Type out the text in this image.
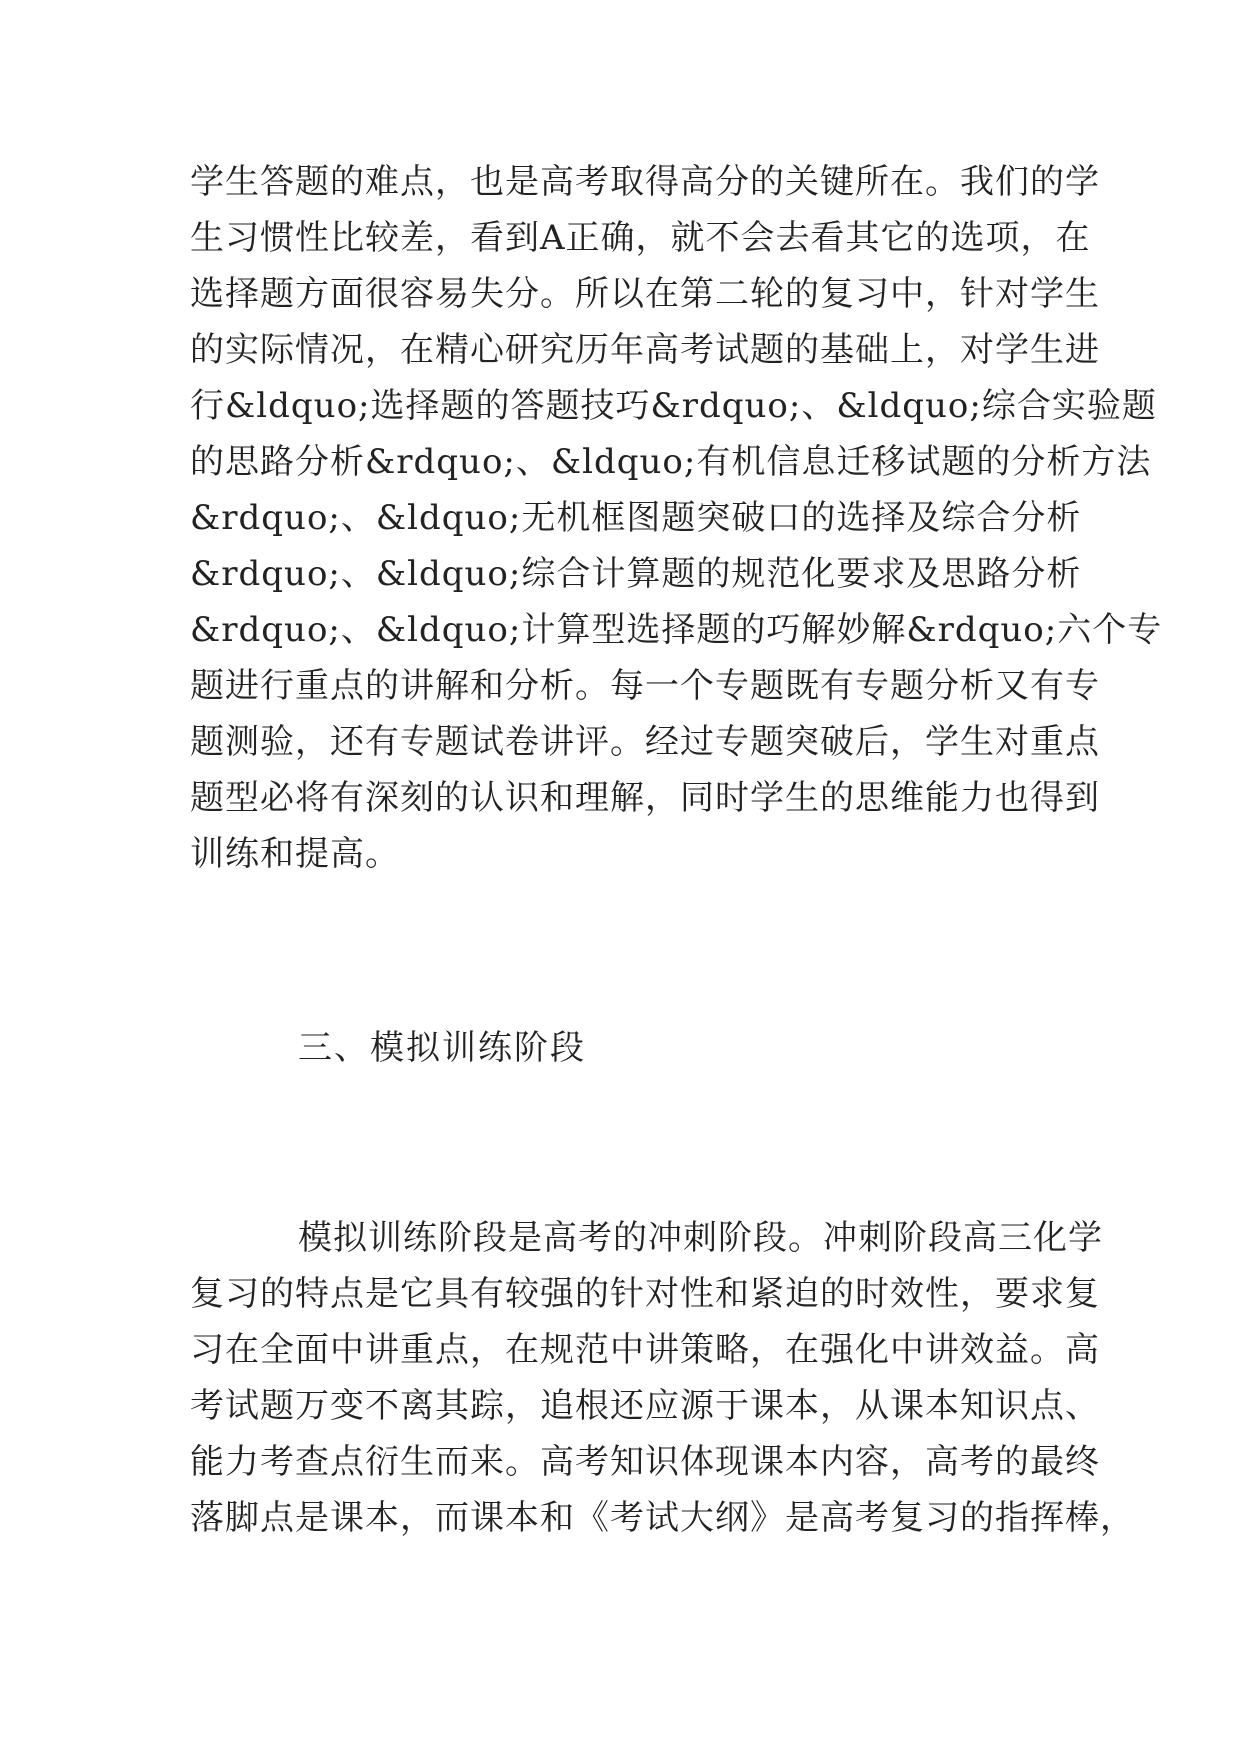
学生答题的难点，也是高考取得高分的关键所在。我们的学
生习惯性比较差，看到A正确，就不会去看其它的选项，在
选择题方面很容易失分。所以在第二轮的复习中，针对学生
的实际情况，在精心研究历年高考试题的基础上，对学生进
行&ldquo;选择题的答题技巧&rdquo;、&ldquo;综合实验题
的思路分析&rdquo;、&ldquo;有机信息迁移试题的分析方法
&rdquo;、&ldquo;无机框图题突破口的选择及综合分析
&rdquo;、&ldquo;综合计算题的规范化要求及思路分析
&rdquo;、&ldquo;计算型选择题的巧解妙解&rdquo;六个专
题进行重点的讲解和分析。每一个专题既有专题分析又有专
题测验，还有专题试卷讲评。经过专题突破后，学生对重点
题型必将有深刻的认识和理解，同时学生的思维能力也得到
训练和提高。
三、模拟训练阶段
模拟训练阶段是高考的冲刺阶段。冲刺阶段高三化学
复习的特点是它具有较强的针对性和紧迫的时效性，要求复
习在全面中讲重点，在规范中讲策略，在强化中讲效益。高
考试题万变不离其踪，追根还应源于课本，从课本知识点、
能力考查点衍生而来。高考知识体现课本内容，高考的最终
落脚点是课本，而课本和《考试大纲》是高考复习的指挥棒，
